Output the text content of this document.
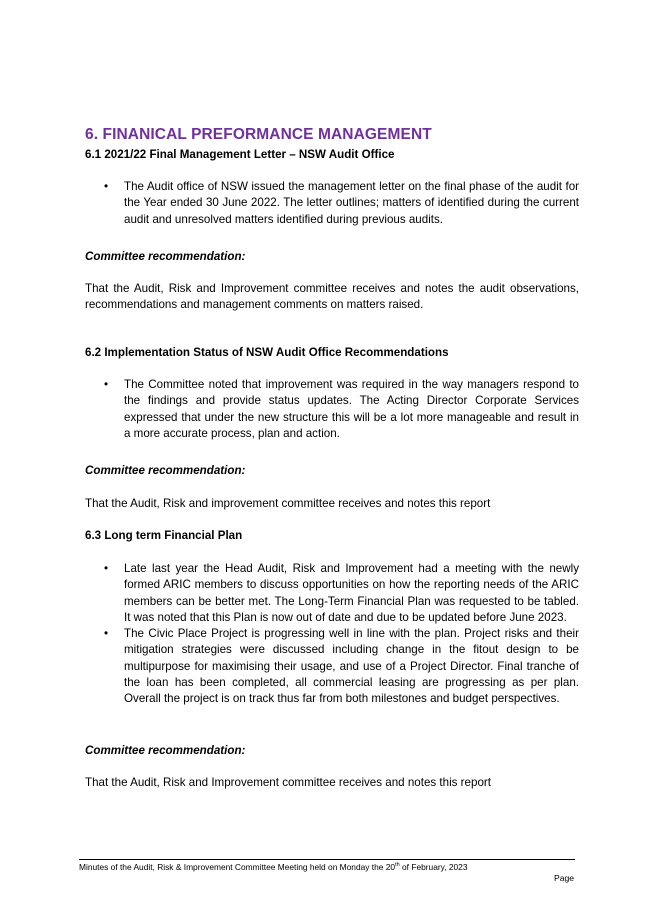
6. FINANICAL PREFORMANCE MANAGEMENT
6.1 2021/22 Final Management Letter – NSW Audit Office
• The Audit office of NSW issued the management letter on the final phase of the audit for the Year ended 30 June 2022. The letter outlines; matters of identified during the current audit and unresolved matters identified during previous audits.

Committee recommendation:

That the Audit, Risk and Improvement committee receives and notes the audit observations, recommendations and management comments on matters raised.

6.2 Implementation Status of NSW Audit Office Recommendations
• The Committee noted that improvement was required in the way managers respond to the findings and provide status updates. The Acting Director Corporate Services expressed that under the new structure this will be a lot more manageable and result in a more accurate process, plan and action.

Committee recommendation:

That the Audit, Risk and improvement committee receives and notes this report

6.3 Long term Financial Plan
• Late last year the Head Audit, Risk and Improvement had a meeting with the newly formed ARIC members to discuss opportunities on how the reporting needs of the ARIC members can be better met. The Long-Term Financial Plan was requested to be tabled. It was noted that this Plan is now out of date and due to be updated before June 2023.
• The Civic Place Project is progressing well in line with the plan. Project risks and their mitigation strategies were discussed including change in the fitout design to be multipurpose for maximising their usage, and use of a Project Director. Final tranche of the loan has been completed, all commercial leasing are progressing as per plan. Overall the project is on track thus far from both milestones and budget perspectives.

Committee recommendation:

That the Audit, Risk and Improvement committee receives and notes this report

Minutes of the Audit, Risk & Improvement Committee Meeting held on Monday the 20th of February, 2023
Page
